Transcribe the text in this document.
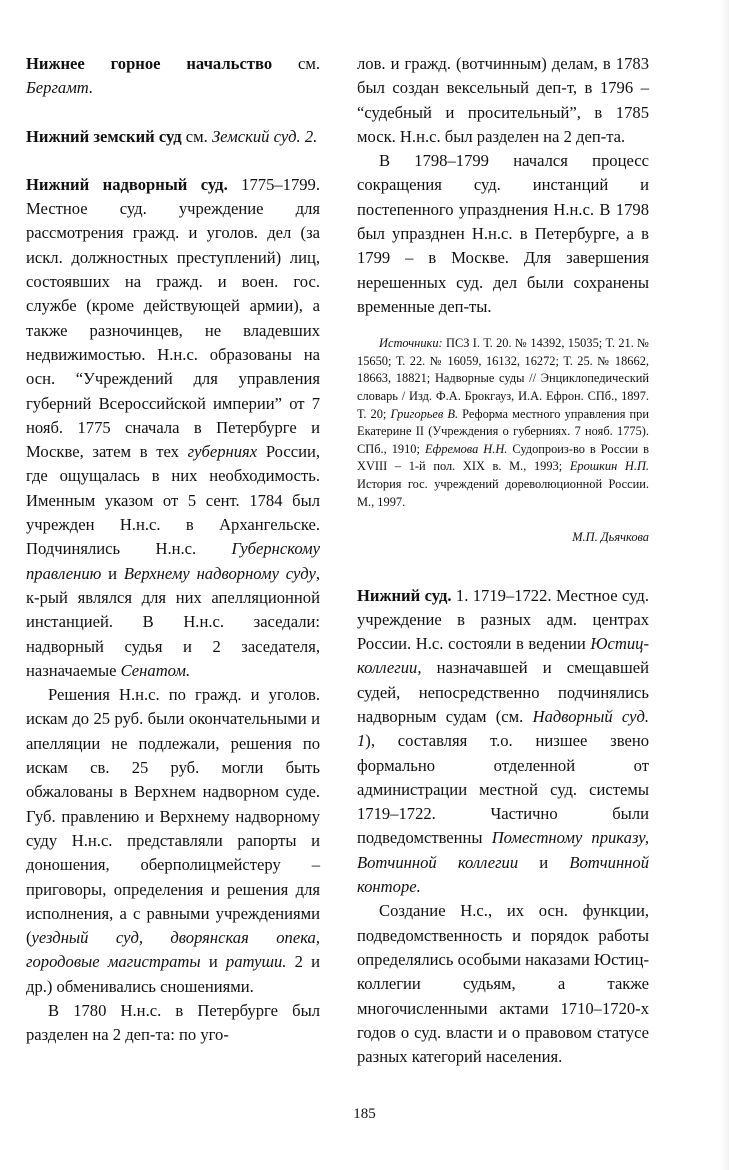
Нижнее горное начальство см. Бергамт.

Нижний земский суд см. Земский суд. 2.

Нижний надворный суд. 1775–1799. Местное суд. учреждение для рассмотрения гражд. и уголов. дел (за искл. должностных преступлений) лиц, состоявших на гражд. и воен. гос. службе (кроме действующей армии), а также разночинцев, не владевших недвижимостью. Н.н.с. образованы на осн. “Учреждений для управления губерний Всероссийской империи” от 7 нояб. 1775 сначала в Петербурге и Москве, затем в тех губерниях России, где ощущалась в них необходимость. Именным указом от 5 сент. 1784 был учрежден Н.н.с. в Архангельске. Подчинялись Н.н.с. Губернскому правлению и Верхнему надворному суду, к-рый являлся для них апелляционной инстанцией. В Н.н.с. заседали: надворный судья и 2 заседателя, назначаемые Сенатом.

Решения Н.н.с. по гражд. и уголов. искам до 25 руб. были окончательными и апелляции не подлежали, решения по искам св. 25 руб. могли быть обжалованы в Верхнем надворном суде. Губ. правлению и Верхнему надворному суду Н.н.с. представляли рапорты и доношения, оберполицмейстеру – приговоры, определения и решения для исполнения, а с равными учреждениями (уездный суд, дворянская опека, городовые магистраты и ратуши. 2 и др.) обменивались сношениями.

В 1780 Н.н.с. в Петербурге был разделен на 2 деп-та: по уго-

лов. и гражд. (вотчинным) делам, в 1783 был создан вексельный деп-т, в 1796 – “судебный и просительный”, в 1785 моск. Н.н.с. был разделен на 2 деп-та.

В 1798–1799 начался процесс сокращения суд. инстанций и постепенного упразднения Н.н.с. В 1798 был упразднен Н.н.с. в Петербурге, а в 1799 – в Москве. Для завершения нерешенных суд. дел были сохранены временные деп-ты.

Источники: ПСЗ I. Т. 20. № 14392, 15035; Т. 21. № 15650; Т. 22. № 16059, 16132, 16272; Т. 25. № 18662, 18663, 18821; Надворные суды // Энциклопедический словарь / Изд. Ф.А. Брокгауз, И.А. Ефрон. СПб., 1897. Т. 20; Григорьев В. Реформа местного управления при Екатерине II (Учреждения о губерниях. 7 нояб. 1775). СПб., 1910; Ефремова Н.Н. Судопроиз-во в России в XVIII – 1-й пол. XIX в. М., 1993; Ерошкин Н.П. История гос. учреждений дореволюционной России. М., 1997.

М.П. Дьячкова

Нижний суд. 1. 1719–1722. Местное суд. учреждение в разных адм. центрах России. Н.с. состояли в ведении Юстиц-коллегии, назначавшей и смещавшей судей, непосредственно подчинялись надворным судам (см. Надворный суд. 1), составляя т.о. низшее звено формально отделенной от администрации местной суд. системы 1719–1722. Частично были подведомственны Поместному приказу, Вотчинной коллегии и Вотчинной конторе.

Создание Н.с., их осн. функции, подведомственность и порядок работы определялись особыми наказами Юстиц-коллегии судьям, а также многочисленными актами 1710–1720-х годов о суд. власти и о правовом статусе разных категорий населения.

185
